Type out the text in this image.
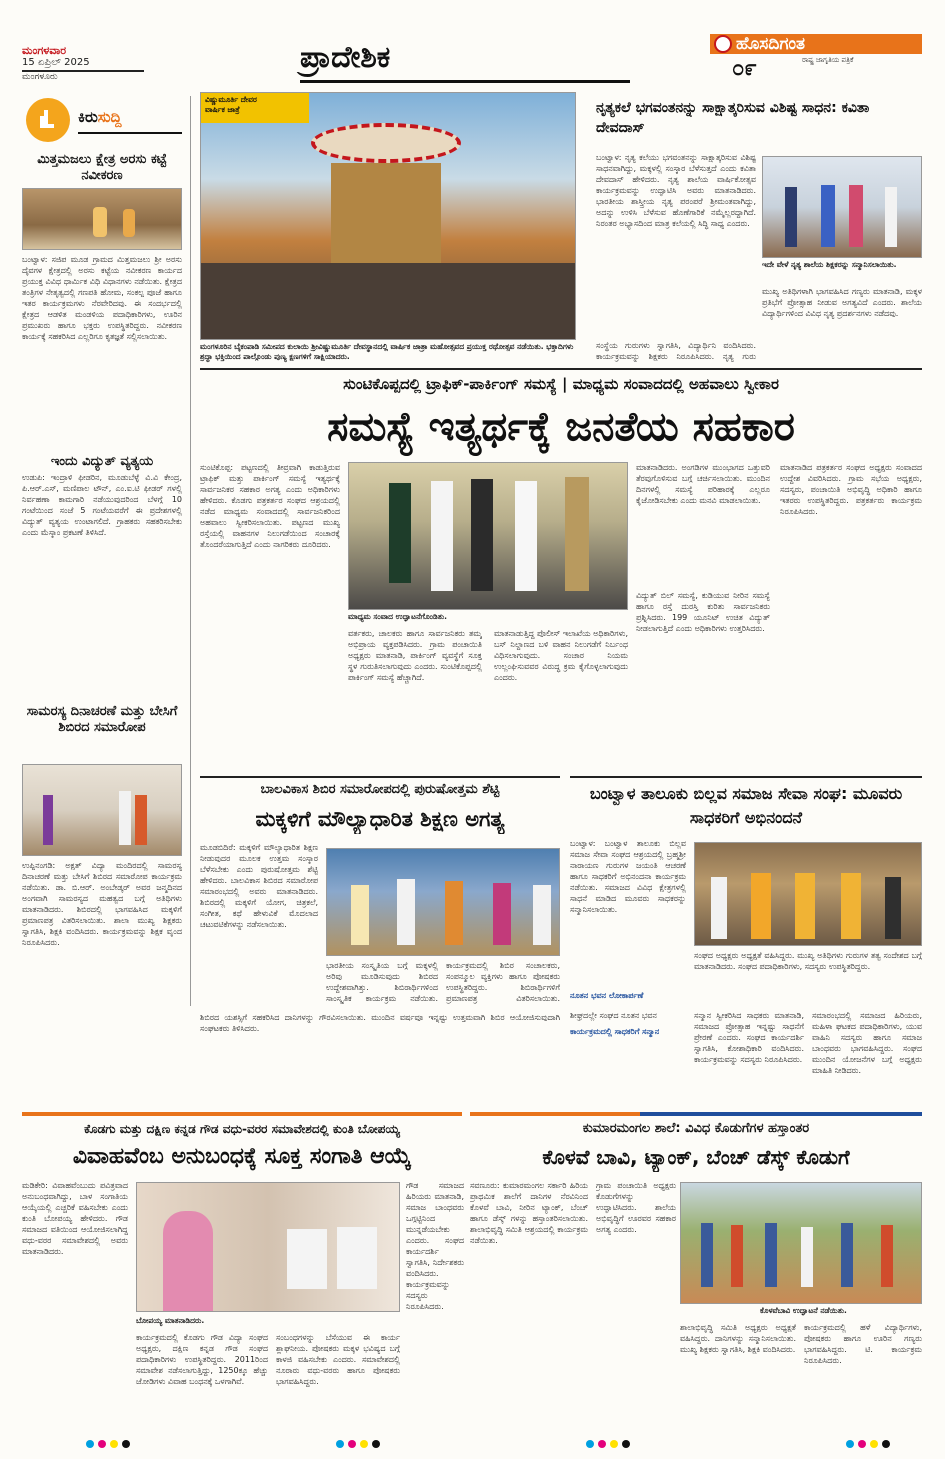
ಮಂಗಳವಾರ
15 ಏಪ್ರಿಲ್ 2025
ಮಂಗಳೂರು
ಪ್ರಾದೇಶಿಕ	ಹೊಸದಿಗಂತ
೦೯	ರಾಷ್ಟ್ರ ಜಾಗೃತಿಯ ಪತ್ರಿಕೆ
ಕಿರುಸುದ್ದಿ
ಮಿತ್ತಮಜಲು ಕ್ಷೇತ್ರ ಅರಸು ಕಟ್ಟೆ ನವೀಕರಣ
ಬಂಟ್ವಾಳ: ಸಜಿಪ ಮೂಡ ಗ್ರಾಮದ ಮಿತ್ತಮಜಲು ಶ್ರೀ ಅರಸು ದೈವಗಳ ಕ್ಷೇತ್ರದಲ್ಲಿ ಅರಸು ಕಟ್ಟೆಯ ನವೀಕರಣ ಕಾರ್ಯದ ಪ್ರಯುಕ್ತ ವಿವಿಧ ಧಾರ್ಮಿಕ ವಿಧಿ ವಿಧಾನಗಳು ನಡೆಯಿತು. ಕ್ಷೇತ್ರದ ತಂತ್ರಿಗಳ ನೇತೃತ್ವದಲ್ಲಿ ಗಣಪತಿ ಹೋಮ, ಸಂಕಲ್ಪ ಪೂಜೆ ಹಾಗೂ ಇತರ ಕಾರ್ಯಕ್ರಮಗಳು ನೆರವೇರಿದವು. ಈ ಸಂದರ್ಭದಲ್ಲಿ ಕ್ಷೇತ್ರದ ಆಡಳಿತ ಮಂಡಳಿಯ ಪದಾಧಿಕಾರಿಗಳು, ಊರಿನ ಪ್ರಮುಖರು ಹಾಗೂ ಭಕ್ತರು ಉಪಸ್ಥಿತರಿದ್ದರು. ನವೀಕರಣ ಕಾರ್ಯಕ್ಕೆ ಸಹಕರಿಸಿದ ಎಲ್ಲರಿಗೂ ಕೃತಜ್ಞತೆ ಸಲ್ಲಿಸಲಾಯಿತು.
ಇಂದು ವಿದ್ಯುತ್ ವ್ಯತ್ಯಯ
ಉಡುಪಿ: ಇಂದ್ರಾಳಿ ಫೀಡರಿನ, ಮೂಡುಬೆಳ್ಳೆ ವಿ.ವಿ ಕೇಂದ್ರ, ಪಿ.ಆರ್.ಎಸ್, ಮಣಿಪಾಲ ಟೌನ್, ಎಂ.ಐ.ಟಿ ಫೀಡರ್ ಗಳಲ್ಲಿ ನಿರ್ವಹಣಾ ಕಾಮಗಾರಿ ನಡೆಯುವುದರಿಂದ ಬೆಳಗ್ಗೆ 10 ಗಂಟೆಯಿಂದ ಸಂಜೆ 5 ಗಂಟೆಯವರೆಗೆ ಈ ಪ್ರದೇಶಗಳಲ್ಲಿ ವಿದ್ಯುತ್ ವ್ಯತ್ಯಯ ಉಂಟಾಗಲಿದೆ. ಗ್ರಾಹಕರು ಸಹಕರಿಸಬೇಕು ಎಂದು ಮೆಸ್ಕಾಂ ಪ್ರಕಟಣೆ ತಿಳಿಸಿದೆ.
ಸಾಮರಸ್ಯ ದಿನಾಚರಣೆ ಮತ್ತು ಬೇಸಿಗೆ ಶಿಬಿರದ ಸಮಾರೋಪ
ಉಪ್ಪಿನಂಗಡಿ: ಅಕ್ಷತ್ ವಿದ್ಯಾ ಮಂದಿರದಲ್ಲಿ ಸಾಮರಸ್ಯ ದಿನಾಚರಣೆ ಮತ್ತು ಬೇಸಿಗೆ ಶಿಬಿರದ ಸಮಾರೋಪ ಕಾರ್ಯಕ್ರಮ ನಡೆಯಿತು. ಡಾ. ಬಿ.ಆರ್. ಅಂಬೇಡ್ಕರ್ ಅವರ ಜನ್ಮದಿನದ ಅಂಗವಾಗಿ ಸಾಮರಸ್ಯದ ಮಹತ್ವದ ಬಗ್ಗೆ ಅತಿಥಿಗಳು ಮಾತನಾಡಿದರು. ಶಿಬಿರದಲ್ಲಿ ಭಾಗವಹಿಸಿದ ಮಕ್ಕಳಿಗೆ ಪ್ರಮಾಣಪತ್ರ ವಿತರಿಸಲಾಯಿತು. ಶಾಲಾ ಮುಖ್ಯ ಶಿಕ್ಷಕರು ಸ್ವಾಗತಿಸಿ, ಶಿಕ್ಷಕಿ ವಂದಿಸಿದರು. ಕಾರ್ಯಕ್ರಮವನ್ನು ಶಿಕ್ಷಕ ವೃಂದ ನಿರೂಪಿಸಿದರು.
ವಿಷ್ಣುಮೂರ್ತಿ ದೇವರ
ವಾರ್ಷಿಕ ಜಾತ್ರೆ
ಮಂಗಳೂರಿನ ಬೈಕಂಪಾಡಿ ಸಮೀಪದ ಕುಲಾಯಿ ಶ್ರೀವಿಷ್ಣುಮೂರ್ತಿ ದೇವಸ್ಥಾನದಲ್ಲಿ ವಾರ್ಷಿಕ ಜಾತ್ರಾ ಮಹೋತ್ಸವದ ಪ್ರಯುಕ್ತ ರಥೋತ್ಸವ ನಡೆಯಿತು. ಭಕ್ತಾದಿಗಳು ಶ್ರದ್ಧಾ ಭಕ್ತಿಯಿಂದ ಪಾಲ್ಗೊಂಡು ಪುಣ್ಯ ಕ್ಷಣಗಳಿಗೆ ಸಾಕ್ಷಿಯಾದರು.
ನೃತ್ಯಕಲೆ ಭಗವಂತನನ್ನು ಸಾಕ್ಷಾತ್ಕರಿಸುವ ವಿಶಿಷ್ಟ ಸಾಧನ: ಕವಿತಾ ದೇವದಾಸ್
ಬಂಟ್ವಾಳ: ನೃತ್ಯ ಕಲೆಯು ಭಗವಂತನನ್ನು ಸಾಕ್ಷಾತ್ಕರಿಸುವ ವಿಶಿಷ್ಟ ಸಾಧನವಾಗಿದ್ದು, ಮಕ್ಕಳಲ್ಲಿ ಸಂಸ್ಕಾರ ಬೆಳೆಸುತ್ತದೆ ಎಂದು ಕವಿತಾ ದೇವದಾಸ್ ಹೇಳಿದರು. ನೃತ್ಯ ಶಾಲೆಯ ವಾರ್ಷಿಕೋತ್ಸವ ಕಾರ್ಯಕ್ರಮವನ್ನು ಉದ್ಘಾಟಿಸಿ ಅವರು ಮಾತನಾಡಿದರು. ಭಾರತೀಯ ಶಾಸ್ತ್ರೀಯ ನೃತ್ಯ ಪರಂಪರೆ ಶ್ರೀಮಂತವಾಗಿದ್ದು, ಅದನ್ನು ಉಳಿಸಿ ಬೆಳೆಸುವ ಹೊಣೆಗಾರಿಕೆ ನಮ್ಮೆಲ್ಲರದ್ದಾಗಿದೆ. ನಿರಂತರ ಅಭ್ಯಾಸದಿಂದ ಮಾತ್ರ ಕಲೆಯಲ್ಲಿ ಸಿದ್ಧಿ ಸಾಧ್ಯ ಎಂದರು.
ಇದೇ ವೇಳೆ ನೃತ್ಯ ಶಾಲೆಯ ಶಿಕ್ಷಕರನ್ನು ಸನ್ಮಾನಿಸಲಾಯಿತು.
ಮುಖ್ಯ ಅತಿಥಿಗಳಾಗಿ ಭಾಗವಹಿಸಿದ ಗಣ್ಯರು ಮಾತನಾಡಿ, ಮಕ್ಕಳ ಪ್ರತಿಭೆಗೆ ಪ್ರೋತ್ಸಾಹ ನೀಡುವ ಅಗತ್ಯವಿದೆ ಎಂದರು. ಶಾಲೆಯ ವಿದ್ಯಾರ್ಥಿಗಳಿಂದ ವಿವಿಧ ನೃತ್ಯ ಪ್ರದರ್ಶನಗಳು ನಡೆದವು.
ಸುಂಟಿಕೊಪ್ಪದಲ್ಲಿ ಟ್ರಾಫಿಕ್-ಪಾರ್ಕಿಂಗ್ ಸಮಸ್ಯೆ | ಮಾಧ್ಯಮ ಸಂವಾದದಲ್ಲಿ ಅಹವಾಲು ಸ್ವೀಕಾರ
ಸಮಸ್ಯೆ ಇತ್ಯರ್ಥಕ್ಕೆ ಜನತೆಯ ಸಹಕಾರ
ಸುಂಟಿಕೊಪ್ಪ: ಪಟ್ಟಣದಲ್ಲಿ ತೀವ್ರವಾಗಿ ಕಾಡುತ್ತಿರುವ ಟ್ರಾಫಿಕ್ ಮತ್ತು ಪಾರ್ಕಿಂಗ್ ಸಮಸ್ಯೆ ಇತ್ಯರ್ಥಕ್ಕೆ ಸಾರ್ವಜನಿಕರ ಸಹಕಾರ ಅಗತ್ಯ ಎಂದು ಅಧಿಕಾರಿಗಳು ಹೇಳಿದರು. ಕೊಡಗು ಪತ್ರಕರ್ತರ ಸಂಘದ ಆಶ್ರಯದಲ್ಲಿ ನಡೆದ ಮಾಧ್ಯಮ ಸಂವಾದದಲ್ಲಿ ಸಾರ್ವಜನಿಕರಿಂದ ಅಹವಾಲು ಸ್ವೀಕರಿಸಲಾಯಿತು. ಪಟ್ಟಣದ ಮುಖ್ಯ ರಸ್ತೆಯಲ್ಲಿ ವಾಹನಗಳ ನಿಲುಗಡೆಯಿಂದ ಸಂಚಾರಕ್ಕೆ ತೊಂದರೆಯಾಗುತ್ತಿದೆ ಎಂದು ನಾಗರಿಕರು ದೂರಿದರು.
ಮಾಧ್ಯಮ ಸಂವಾದ ಉದ್ಘಾಟನೆಗೊಂಡಿತು.
ವರ್ತಕರು, ಚಾಲಕರು ಹಾಗೂ ಸಾರ್ವಜನಿಕರು ತಮ್ಮ ಅಭಿಪ್ರಾಯ ವ್ಯಕ್ತಪಡಿಸಿದರು. ಗ್ರಾಮ ಪಂಚಾಯಿತಿ ಅಧ್ಯಕ್ಷರು ಮಾತನಾಡಿ, ಪಾರ್ಕಿಂಗ್ ವ್ಯವಸ್ಥೆಗೆ ಸೂಕ್ತ ಸ್ಥಳ ಗುರುತಿಸಲಾಗುವುದು ಎಂದರು. ಸುಂಟಿಕೊಪ್ಪದಲ್ಲಿ ಪಾರ್ಕಿಂಗ್ ಸಮಸ್ಯೆ ಹೆಚ್ಚಾಗಿದೆ.
ಮಾತನಾಡುತ್ತಿದ್ದ ಪೊಲೀಸ್ ಇಲಾಖೆಯ ಅಧಿಕಾರಿಗಳು, ಬಸ್ ನಿಲ್ದಾಣದ ಬಳಿ ವಾಹನ ನಿಲುಗಡೆಗೆ ನಿರ್ಬಂಧ ವಿಧಿಸಲಾಗುವುದು. ಸಂಚಾರ ನಿಯಮ ಉಲ್ಲಂಘಿಸುವವರ ವಿರುದ್ಧ ಕ್ರಮ ಕೈಗೊಳ್ಳಲಾಗುವುದು ಎಂದರು.
ಮಾತನಾಡಿದರು. ಅಂಗಡಿಗಳ ಮುಂಭಾಗದ ಒತ್ತುವರಿ ತೆರವುಗೊಳಿಸುವ ಬಗ್ಗೆ ಚರ್ಚಿಸಲಾಯಿತು. ಮುಂದಿನ ದಿನಗಳಲ್ಲಿ ಸಮಸ್ಯೆ ಪರಿಹಾರಕ್ಕೆ ಎಲ್ಲರೂ ಕೈಜೋಡಿಸಬೇಕು ಎಂದು ಮನವಿ ಮಾಡಲಾಯಿತು.
ವಿದ್ಯುತ್ ಬಿಲ್ ಸಮಸ್ಯೆ, ಕುಡಿಯುವ ನೀರಿನ ಸಮಸ್ಯೆ ಹಾಗೂ ರಸ್ತೆ ದುರಸ್ತಿ ಕುರಿತು ಸಾರ್ವಜನಿಕರು ಪ್ರಶ್ನಿಸಿದರು. 199 ಯೂನಿಟ್ ಉಚಿತ ವಿದ್ಯುತ್ ನೀಡಲಾಗುತ್ತಿದೆ ಎಂದು ಅಧಿಕಾರಿಗಳು ಉತ್ತರಿಸಿದರು.
ಮಾತನಾಡಿದ ಪತ್ರಕರ್ತರ ಸಂಘದ ಅಧ್ಯಕ್ಷರು ಸಂವಾದದ ಉದ್ದೇಶ ವಿವರಿಸಿದರು. ಗ್ರಾಮ ಸಭೆಯ ಅಧ್ಯಕ್ಷರು, ಸದಸ್ಯರು, ಪಂಚಾಯಿತಿ ಅಭಿವೃದ್ಧಿ ಅಧಿಕಾರಿ ಹಾಗೂ ಇತರರು ಉಪಸ್ಥಿತರಿದ್ದರು. ಪತ್ರಕರ್ತರು ಕಾರ್ಯಕ್ರಮ ನಿರೂಪಿಸಿದರು.
ಬಾಲವಿಕಾಸ ಶಿಬಿರ ಸಮಾರೋಪದಲ್ಲಿ ಪುರುಷೋತ್ತಮ ಶೆಟ್ಟಿ
ಮಕ್ಕಳಿಗೆ ಮೌಲ್ಯಾಧಾರಿತ ಶಿಕ್ಷಣ ಅಗತ್ಯ
ಮೂಡಬಿದಿರೆ: ಮಕ್ಕಳಿಗೆ ಮೌಲ್ಯಾಧಾರಿತ ಶಿಕ್ಷಣ ನೀಡುವುದರ ಮೂಲಕ ಉತ್ತಮ ಸಂಸ್ಕಾರ ಬೆಳೆಸಬೇಕು ಎಂದು ಪುರುಷೋತ್ತಮ ಶೆಟ್ಟಿ ಹೇಳಿದರು. ಬಾಲವಿಕಾಸ ಶಿಬಿರದ ಸಮಾರೋಪ ಸಮಾರಂಭದಲ್ಲಿ ಅವರು ಮಾತನಾಡಿದರು. ಶಿಬಿರದಲ್ಲಿ ಮಕ್ಕಳಿಗೆ ಯೋಗ, ಚಿತ್ರಕಲೆ, ಸಂಗೀತ, ಕಥೆ ಹೇಳುವಿಕೆ ಮೊದಲಾದ ಚಟುವಟಿಕೆಗಳನ್ನು ನಡೆಸಲಾಯಿತು.
ಭಾರತೀಯ ಸಂಸ್ಕೃತಿಯ ಬಗ್ಗೆ ಮಕ್ಕಳಲ್ಲಿ ಅರಿವು ಮೂಡಿಸುವುದು ಶಿಬಿರದ ಉದ್ದೇಶವಾಗಿತ್ತು. ಶಿಬಿರಾರ್ಥಿಗಳಿಂದ ಸಾಂಸ್ಕೃತಿಕ ಕಾರ್ಯಕ್ರಮ ನಡೆಯಿತು.
ಕಾರ್ಯಕ್ರಮದಲ್ಲಿ ಶಿಬಿರ ಸಂಚಾಲಕರು, ಸಂಪನ್ಮೂಲ ವ್ಯಕ್ತಿಗಳು ಹಾಗೂ ಪೋಷಕರು ಉಪಸ್ಥಿತರಿದ್ದರು. ಶಿಬಿರಾರ್ಥಿಗಳಿಗೆ ಪ್ರಮಾಣಪತ್ರ ವಿತರಿಸಲಾಯಿತು.
ಬಂಟ್ವಾಳ ತಾಲೂಕು ಬಿಲ್ಲವ ಸಮಾಜ ಸೇವಾ ಸಂಘ: ಮೂವರು ಸಾಧಕರಿಗೆ ಅಭಿನಂದನೆ
ಬಂಟ್ವಾಳ: ಬಂಟ್ವಾಳ ತಾಲೂಕು ಬಿಲ್ಲವ ಸಮಾಜ ಸೇವಾ ಸಂಘದ ಆಶ್ರಯದಲ್ಲಿ ಬ್ರಹ್ಮಶ್ರೀ ನಾರಾಯಣ ಗುರುಗಳ ಜಯಂತಿ ಆಚರಣೆ ಹಾಗೂ ಸಾಧಕರಿಗೆ ಅಭಿನಂದನಾ ಕಾರ್ಯಕ್ರಮ ನಡೆಯಿತು. ಸಮಾಜದ ವಿವಿಧ ಕ್ಷೇತ್ರಗಳಲ್ಲಿ ಸಾಧನೆ ಮಾಡಿದ ಮೂವರು ಸಾಧಕರನ್ನು ಸನ್ಮಾನಿಸಲಾಯಿತು.
ಸಂಘದ ಅಧ್ಯಕ್ಷರು ಅಧ್ಯಕ್ಷತೆ ವಹಿಸಿದ್ದರು. ಮುಖ್ಯ ಅತಿಥಿಗಳು ಗುರುಗಳ ತತ್ವ ಸಂದೇಶದ ಬಗ್ಗೆ ಮಾತನಾಡಿದರು. ಸಂಘದ ಪದಾಧಿಕಾರಿಗಳು, ಸದಸ್ಯರು ಉಪಸ್ಥಿತರಿದ್ದರು.
ಕೊಡಗು ಮತ್ತು ದಕ್ಷಿಣ ಕನ್ನಡ ಗೌಡ ವಧು-ವರರ ಸಮಾವೇಶದಲ್ಲಿ ಕುಂತಿ ಬೋಪಯ್ಯ
ವಿವಾಹವೆಂಬ ಅನುಬಂಧಕ್ಕೆ ಸೂಕ್ತ ಸಂಗಾತಿ ಆಯ್ಕೆ
ಮಡಿಕೇರಿ: ವಿವಾಹವೆಂಬುದು ಪವಿತ್ರವಾದ ಅನುಬಂಧವಾಗಿದ್ದು, ಬಾಳ ಸಂಗಾತಿಯ ಆಯ್ಕೆಯಲ್ಲಿ ಎಚ್ಚರಿಕೆ ವಹಿಸಬೇಕು ಎಂದು ಕುಂತಿ ಬೋಪಯ್ಯ ಹೇಳಿದರು. ಗೌಡ ಸಮಾಜದ ವತಿಯಿಂದ ಆಯೋಜಿಸಲಾಗಿದ್ದ ವಧು-ವರರ ಸಮಾವೇಶದಲ್ಲಿ ಅವರು ಮಾತನಾಡಿದರು.
ಬೋಪಯ್ಯ ಮಾತನಾಡಿದರು.
ಕಾರ್ಯಕ್ರಮದಲ್ಲಿ ಕೊಡಗು ಗೌಡ ವಿದ್ಯಾ ಸಂಘದ ಅಧ್ಯಕ್ಷರು, ದಕ್ಷಿಣ ಕನ್ನಡ ಗೌಡ ಸಂಘದ ಪದಾಧಿಕಾರಿಗಳು ಉಪಸ್ಥಿತರಿದ್ದರು. 2011ರಿಂದ ಸಮಾವೇಶ ನಡೆಸಲಾಗುತ್ತಿದ್ದು, 1250ಕ್ಕೂ ಹೆಚ್ಚು ಜೋಡಿಗಳು ವಿವಾಹ ಬಂಧನಕ್ಕೆ ಒಳಗಾಗಿವೆ.
ಸಂಬಂಧಗಳನ್ನು ಬೆಸೆಯುವ ಈ ಕಾರ್ಯ ಶ್ಲಾಘನೀಯ. ಪೋಷಕರು ಮಕ್ಕಳ ಭವಿಷ್ಯದ ಬಗ್ಗೆ ಕಾಳಜಿ ವಹಿಸಬೇಕು ಎಂದರು. ಸಮಾವೇಶದಲ್ಲಿ ನೂರಾರು ವಧು-ವರರು ಹಾಗೂ ಪೋಷಕರು ಭಾಗವಹಿಸಿದ್ದರು.
ಗೌಡ ಸಮಾಜದ ಹಿರಿಯರು ಮಾತನಾಡಿ, ಸಮಾಜ ಬಾಂಧವರು ಒಗ್ಗಟ್ಟಿನಿಂದ ಮುನ್ನಡೆಯಬೇಕು ಎಂದರು. ಸಂಘದ ಕಾರ್ಯದರ್ಶಿ ಸ್ವಾಗತಿಸಿ, ನಿರ್ದೇಶಕರು ವಂದಿಸಿದರು. ಕಾರ್ಯಕ್ರಮವನ್ನು ಸದಸ್ಯರು ನಿರೂಪಿಸಿದರು.
ಕುಮಾರಮಂಗಲ ಶಾಲೆ: ವಿವಿಧ ಕೊಡುಗೆಗಳ ಹಸ್ತಾಂತರ
ಕೊಳವೆ ಬಾವಿ, ಟ್ಯಾಂಕ್, ಬೆಂಚ್ ಡೆಸ್ಕ್ ಕೊಡುಗೆ
ಸವಣೂರು: ಕುಮಾರಮಂಗಲ ಸರ್ಕಾರಿ ಹಿರಿಯ ಪ್ರಾಥಮಿಕ ಶಾಲೆಗೆ ದಾನಿಗಳ ನೆರವಿನಿಂದ ಕೊಳವೆ ಬಾವಿ, ನೀರಿನ ಟ್ಯಾಂಕ್, ಬೆಂಚ್ ಹಾಗೂ ಡೆಸ್ಕ್ ಗಳನ್ನು ಹಸ್ತಾಂತರಿಸಲಾಯಿತು. ಶಾಲಾಭಿವೃದ್ಧಿ ಸಮಿತಿ ಆಶ್ರಯದಲ್ಲಿ ಕಾರ್ಯಕ್ರಮ ನಡೆಯಿತು.
ಗ್ರಾಮ ಪಂಚಾಯಿತಿ ಅಧ್ಯಕ್ಷರು ಕೊಡುಗೆಗಳನ್ನು ಉದ್ಘಾಟಿಸಿದರು. ಶಾಲೆಯ ಅಭಿವೃದ್ಧಿಗೆ ಊರವರ ಸಹಕಾರ ಅಗತ್ಯ ಎಂದರು.
ಕೊಳವೆಬಾವಿ ಉದ್ಘಾಟನೆ ನಡೆಯಿತು.
ಶಾಲಾಭಿವೃದ್ಧಿ ಸಮಿತಿ ಅಧ್ಯಕ್ಷರು ಅಧ್ಯಕ್ಷತೆ ವಹಿಸಿದ್ದರು. ದಾನಿಗಳನ್ನು ಸನ್ಮಾನಿಸಲಾಯಿತು. ಮುಖ್ಯ ಶಿಕ್ಷಕರು ಸ್ವಾಗತಿಸಿ, ಶಿಕ್ಷಕಿ ವಂದಿಸಿದರು.
ಕಾರ್ಯಕ್ರಮದಲ್ಲಿ ಹಳೆ ವಿದ್ಯಾರ್ಥಿಗಳು, ಪೋಷಕರು ಹಾಗೂ ಊರಿನ ಗಣ್ಯರು ಭಾಗವಹಿಸಿದ್ದರು. ಟಿ. ಕಾರ್ಯಕ್ರಮ ನಿರೂಪಿಸಿದರು.
ನೂತನ ಭವನ ಲೋಕಾರ್ಪಣೆ
ಶೀಘ್ರದಲ್ಲೇ ಸಂಘದ ನೂತನ ಭವನ
ಕಾರ್ಯಕ್ರಮದಲ್ಲಿ ಸಾಧಕರಿಗೆ ಸನ್ಮಾನ
ಸನ್ಮಾನ ಸ್ವೀಕರಿಸಿದ ಸಾಧಕರು ಮಾತನಾಡಿ, ಸಮಾಜದ ಪ್ರೋತ್ಸಾಹ ಇನ್ನಷ್ಟು ಸಾಧನೆಗೆ ಪ್ರೇರಣೆ ಎಂದರು. ಸಂಘದ ಕಾರ್ಯದರ್ಶಿ ಸ್ವಾಗತಿಸಿ, ಕೋಶಾಧಿಕಾರಿ ವಂದಿಸಿದರು. ಕಾರ್ಯಕ್ರಮವನ್ನು ಸದಸ್ಯರು ನಿರೂಪಿಸಿದರು.
ಸಮಾರಂಭದಲ್ಲಿ ಸಮಾಜದ ಹಿರಿಯರು, ಮಹಿಳಾ ಘಟಕದ ಪದಾಧಿಕಾರಿಗಳು, ಯುವ ವಾಹಿನಿ ಸದಸ್ಯರು ಹಾಗೂ ಸಮಾಜ ಬಾಂಧವರು ಭಾಗವಹಿಸಿದ್ದರು. ಸಂಘದ ಮುಂದಿನ ಯೋಜನೆಗಳ ಬಗ್ಗೆ ಅಧ್ಯಕ್ಷರು ಮಾಹಿತಿ ನೀಡಿದರು.
ಶಿಬಿರದ ಯಶಸ್ಸಿಗೆ ಸಹಕರಿಸಿದ ದಾನಿಗಳನ್ನು ಗೌರವಿಸಲಾಯಿತು. ಮುಂದಿನ ವರ್ಷವೂ ಇನ್ನಷ್ಟು ಉತ್ತಮವಾಗಿ ಶಿಬಿರ ಆಯೋಜಿಸುವುದಾಗಿ ಸಂಘಟಕರು ತಿಳಿಸಿದರು.
ಸಂಸ್ಥೆಯ ಗುರುಗಳು ಸ್ವಾಗತಿಸಿ, ವಿದ್ಯಾರ್ಥಿನಿ ವಂದಿಸಿದರು. ಕಾರ್ಯಕ್ರಮವನ್ನು ಶಿಕ್ಷಕರು ನಿರೂಪಿಸಿದರು. ನೃತ್ಯ ಗುರು
